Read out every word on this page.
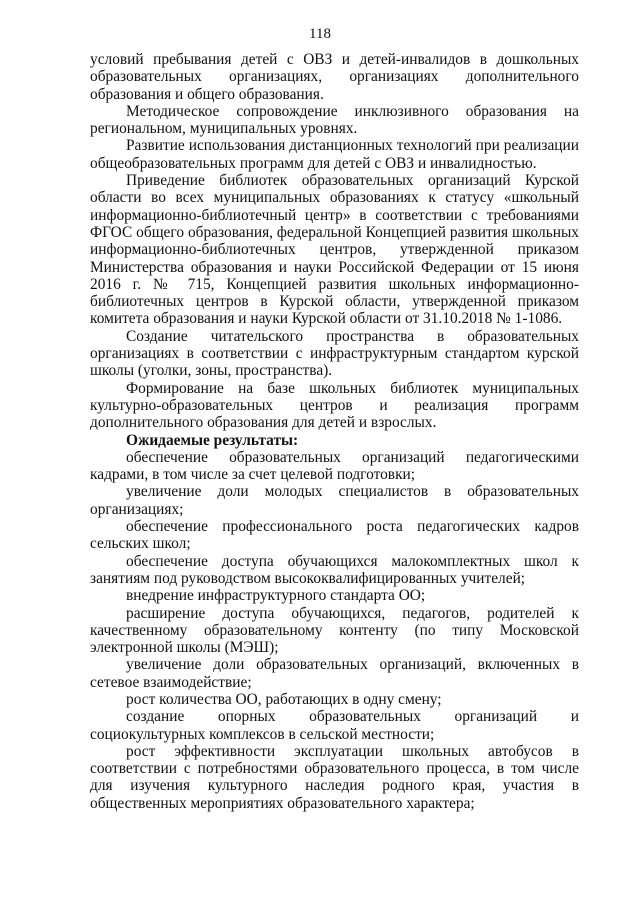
118

условий пребывания детей с ОВЗ и детей-инвалидов в дошкольных образовательных организациях, организациях дополнительного образования и общего образования.

Методическое сопровождение инклюзивного образования на региональном, муниципальных уровнях.

Развитие использования дистанционных технологий при реализации общеобразовательных программ для детей с ОВЗ и инвалидностью.

Приведение библиотек образовательных организаций Курской области во всех муниципальных образованиях к статусу «школьный информационно-библиотечный центр» в соответствии с требованиями ФГОС общего образования, федеральной Концепцией развития школьных информационно-библиотечных центров, утвержденной приказом Министерства образования и науки Российской Федерации от 15 июня 2016 г. № 715, Концепцией развития школьных информационно-библиотечных центров в Курской области, утвержденной приказом комитета образования и науки Курской области от 31.10.2018 № 1-1086.

Создание читательского пространства в образовательных организациях в соответствии с инфраструктурным стандартом курской школы (уголки, зоны, пространства).

Формирование на базе школьных библиотек муниципальных культурно-образовательных центров и реализация программ дополнительного образования для детей и взрослых.

Ожидаемые результаты:

обеспечение образовательных организаций педагогическими кадрами, в том числе за счет целевой подготовки;

увеличение доли молодых специалистов в образовательных организациях;

обеспечение профессионального роста педагогических кадров сельских школ;

обеспечение доступа обучающихся малокомплектных школ к занятиям под руководством высококвалифицированных учителей;

внедрение инфраструктурного стандарта ОО;

расширение доступа обучающихся, педагогов, родителей к качественному образовательному контенту (по типу Московской электронной школы (МЭШ);

увеличение доли образовательных организаций, включенных в сетевое взаимодействие;

рост количества ОО, работающих в одну смену;

создание опорных образовательных организаций и социокультурных комплексов в сельской местности;

рост эффективности эксплуатации школьных автобусов в соответствии с потребностями образовательного процесса, в том числе для изучения культурного наследия родного края, участия в общественных мероприятиях образовательного характера;
